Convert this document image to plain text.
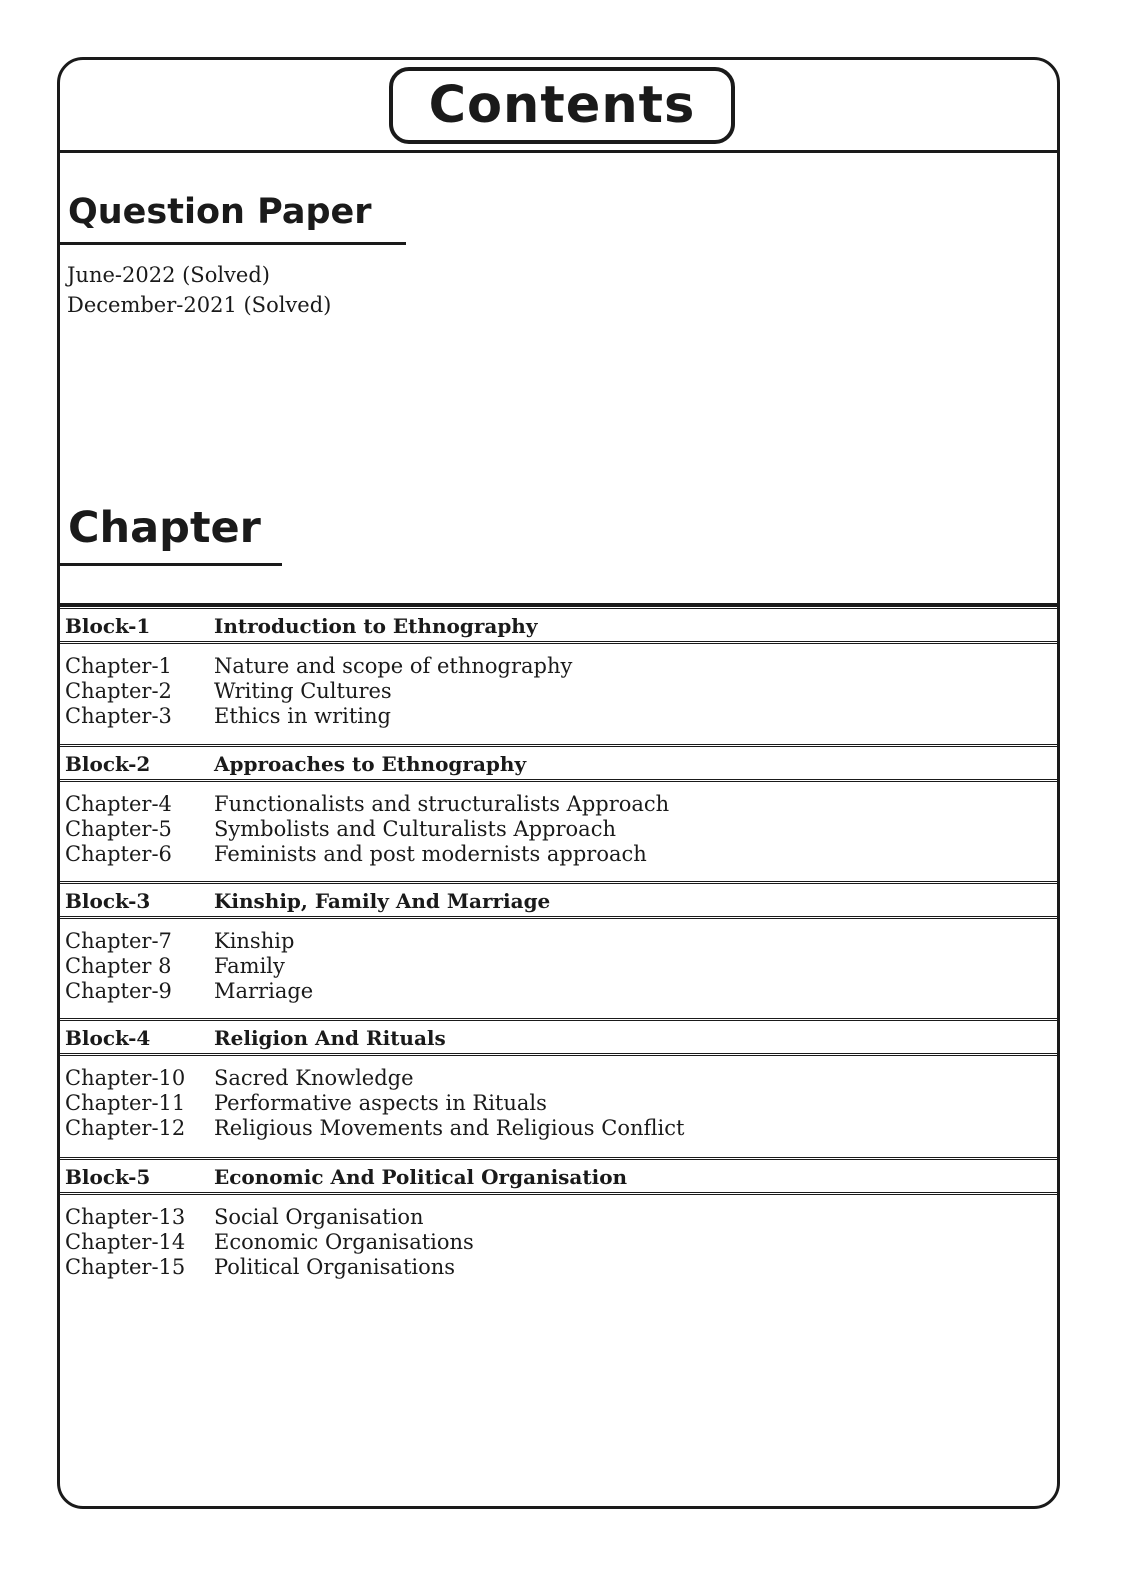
Contents
Question Paper
June-2022 (Solved)
December-2021 (Solved)
Chapter
Block-1	Introduction to Ethnography
Chapter-1 Nature and scope of ethnography
Chapter-2 Writing Cultures
Chapter-3 Ethics in writing
Block-2	Approaches to Ethnography
Chapter-4 Functionalists and structuralists Approach
Chapter-5 Symbolists and Culturalists Approach
Chapter-6 Feminists and post modernists approach
Block-3	Kinship, Family And Marriage
Chapter-7 Kinship
Chapter 8 Family
Chapter-9 Marriage
Block-4	Religion And Rituals
Chapter-10 Sacred Knowledge
Chapter-11 Performative aspects in Rituals
Chapter-12 Religious Movements and Religious Conflict
Block-5	Economic And Political Organisation
Chapter-13 Social Organisation
Chapter-14 Economic Organisations
Chapter-15 Political Organisations
